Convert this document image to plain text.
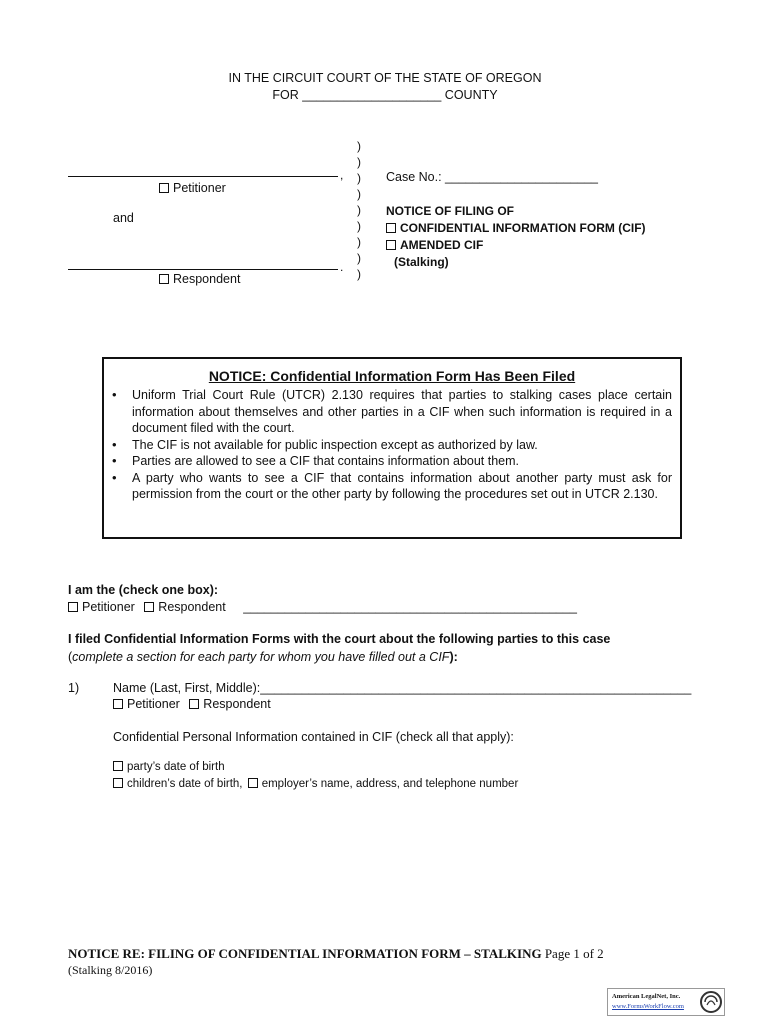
IN THE CIRCUIT COURT OF THE STATE OF OREGON
FOR ____________________ COUNTY
,
Petitioner
and
.
Respondent
)
)
)
)
)
)
)
)
)
Case No.: ______________________
NOTICE OF FILING OF
CONFIDENTIAL INFORMATION FORM (CIF)
AMENDED CIF
(Stalking)
NOTICE: Confidential Information Form Has Been Filed
• Uniform Trial Court Rule (UTCR) 2.130 requires that parties to stalking cases place certain information about themselves and other parties in a CIF when such information is required in a document filed with the court.
• The CIF is not available for public inspection except as authorized by law.
• Parties are allowed to see a CIF that contains information about them.
• A party who wants to see a CIF that contains information about another party must ask for permission from the court or the other party by following the procedures set out in UTCR 2.130.
I am the (check one box):
Petitioner Respondent ________________________________________________
I filed Confidential Information Forms with the court about the following parties to this case
(complete a section for each party for whom you have filled out a CIF):
1)	Name (Last, First, Middle):______________________________________________________________
Petitioner Respondent
Confidential Personal Information contained in CIF (check all that apply):
party’s date of birth
children’s date of birth, employer’s name, address, and telephone number
NOTICE RE: FILING OF CONFIDENTIAL INFORMATION FORM – STALKING Page 1 of 2
(Stalking 8/2016)
American LegalNet, Inc.
www.FormsWorkFlow.com
